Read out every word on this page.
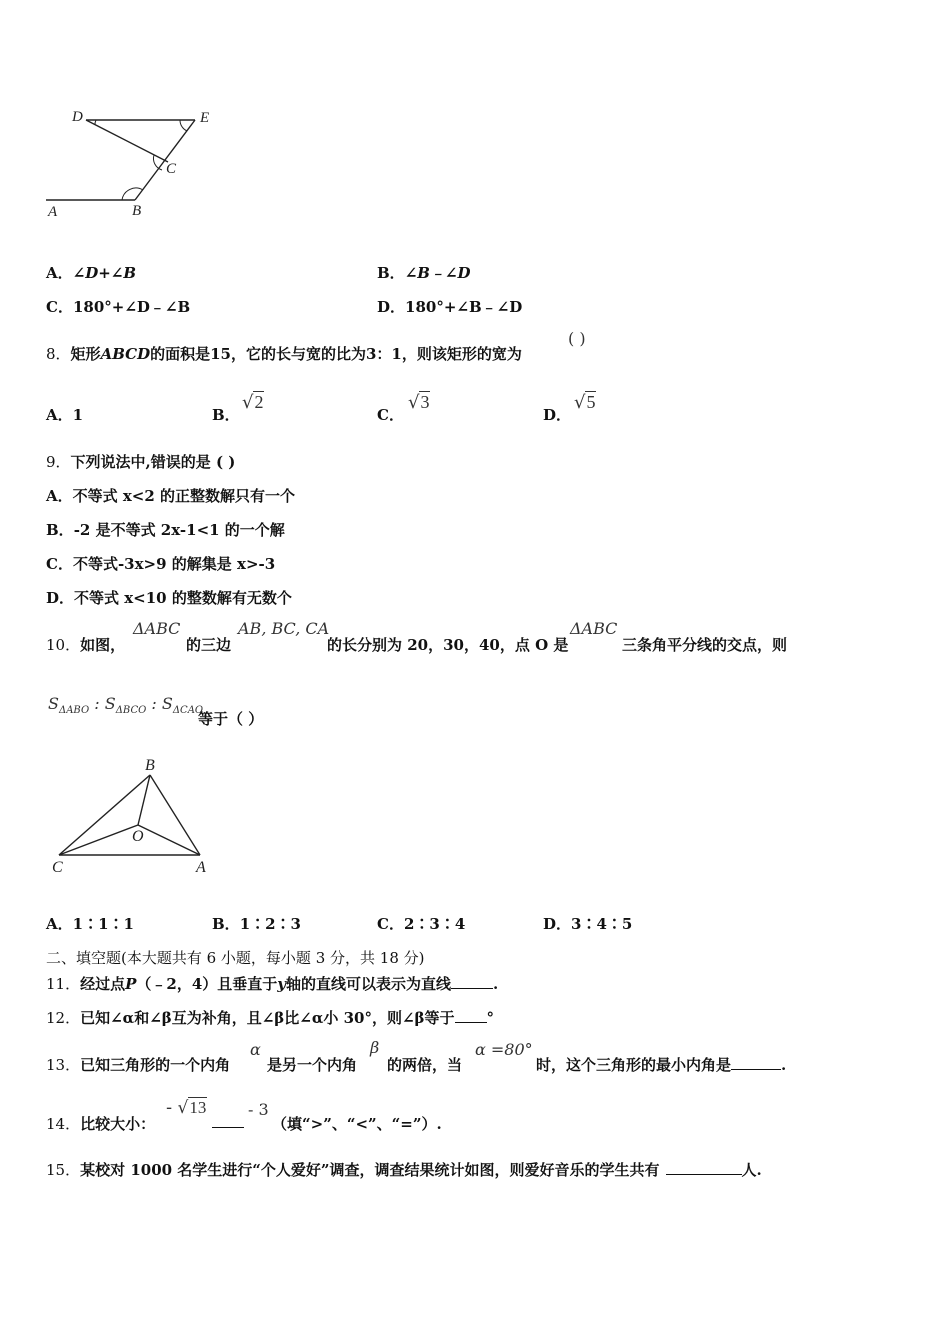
D	E
C
A	B
A．∠D+∠B	B．∠B﹣∠D
C．180°+∠D﹣∠B	D．180°+∠B﹣∠D
8．矩形ABCD的面积是15，它的长与宽的比为3：1，则该矩形的宽为
( )
A．1	B．
√2
C．
√3
D．
√5
9．下列说法中,错误的是 ( )
A．不等式 x<2 的正整数解只有一个
B．-2 是不等式 2x-1<1 的一个解
C．不等式-3x>9 的解集是 x>-3
D．不等式 x<10 的整数解有无数个
10．如图，
ΔABC
的三边
AB, BC, CA
的长分别为 20，30，40，点 O 是
ΔABC
三条角平分线的交点，则
$S_{\Delta ABO}$ : $S_{\Delta BCO}$ : $S_{\Delta CAO}$
等于（ ）
B
O
C	A
A．1∶1∶1	B．1∶2∶3	C．2∶3∶4	D．3∶4∶5
二、填空题(本大题共有 6 小题，每小题 3 分，共 18 分)
11．经过点P（﹣2，4）且垂直于y轴的直线可以表示为直线	.
12．已知∠α和∠β互为补角，且∠β比∠α小 30°，则∠β等于 °
13．已知三角形的一个内角
α
是另一个内角
β
的两倍，当
α =80°
时，这个三角形的最小内角是	.
14．比较大小：
- √13	- 3
（填“>”、“<”、“=”）.
15．某校对 1000 名学生进行“个人爱好”调查，调查结果统计如图，则爱好音乐的学生共有	人.
